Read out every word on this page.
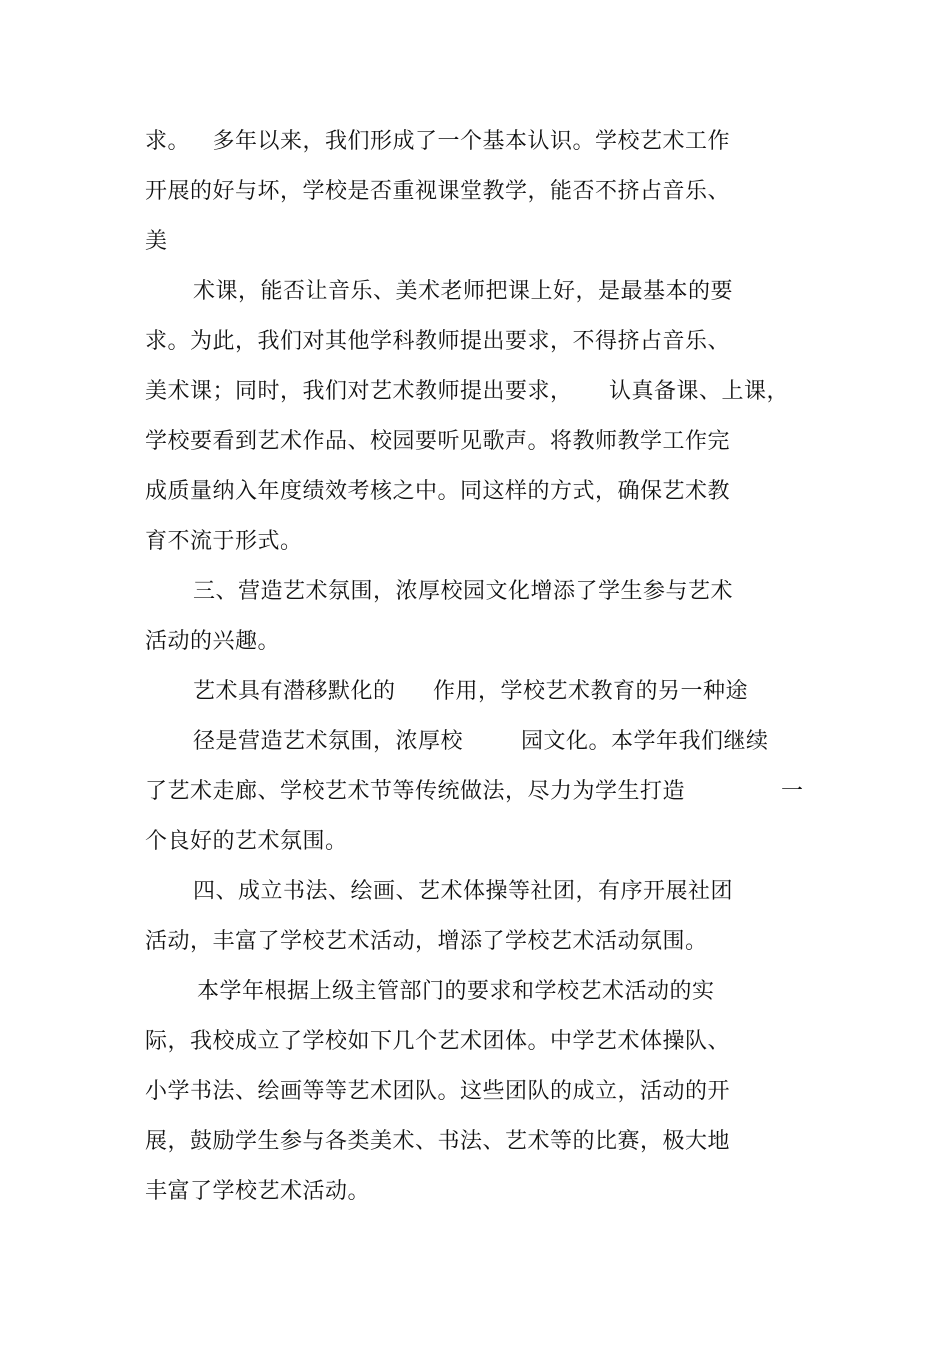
求。   多年以来，我们形成了一个基本认识。学校艺术工作
开展的好与坏，学校是否重视课堂教学，能否不挤占音乐、
美
术课，能否让音乐、美术老师把课上好，是最基本的要
求。为此，我们对其他学科教师提出要求，不得挤占音乐、
美术课；同时，我们对艺术教师提出要求， 认真备课、上课，
学校要看到艺术作品、校园要听见歌声。将教师教学工作完
成质量纳入年度绩效考核之中。同这样的方式，确保艺术教
育不流于形式。
三、营造艺术氛围，浓厚校园文化增添了学生参与艺术
活动的兴趣。
艺术具有潜移默化的 作用，学校艺术教育的另一种途
径是营造艺术氛围，浓厚校	园文化。本学年我们继续
了艺术走廊、学校艺术节等传统做法，尽力为学生打造	一
个良好的艺术氛围。
四、成立书法、绘画、艺术体操等社团，有序开展社团
活动，丰富了学校艺术活动，增添了学校艺术活动氛围。
本学年根据上级主管部门的要求和学校艺术活动的实
际，我校成立了学校如下几个艺术团体。中学艺术体操队、
小学书法、绘画等等艺术团队。这些团队的成立，活动的开
展，鼓励学生参与各类美术、书法、艺术等的比赛，极大地
丰富了学校艺术活动。
